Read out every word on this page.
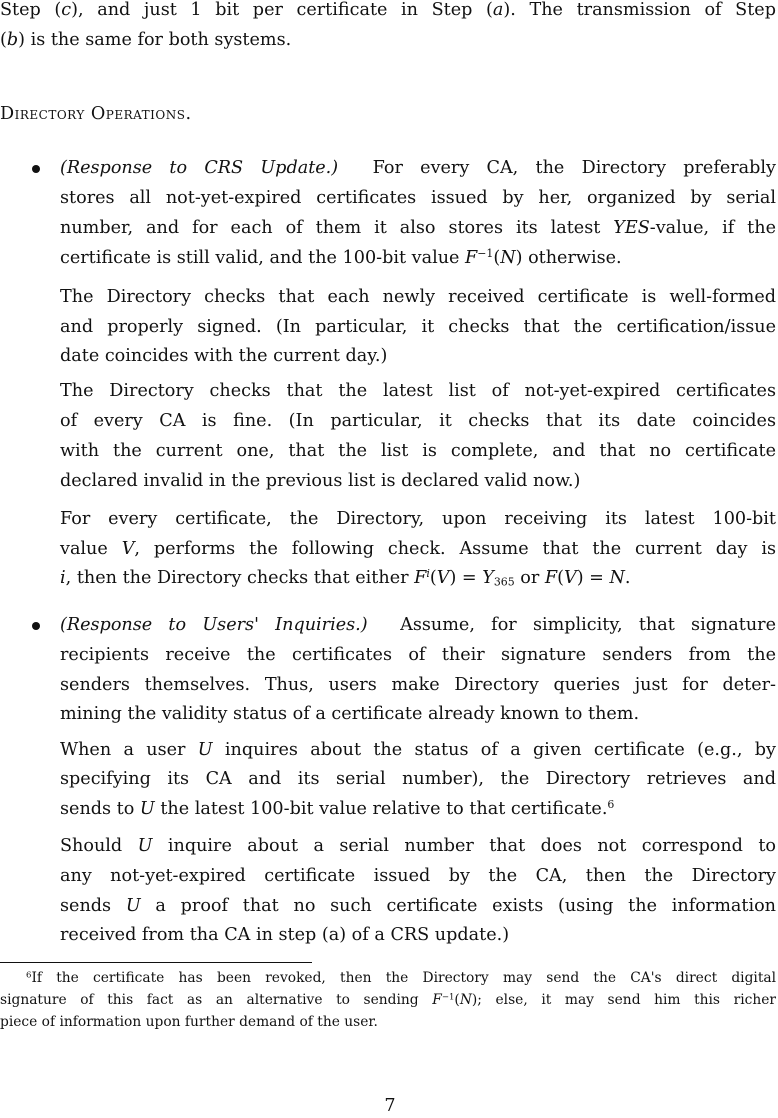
Step (c), and just 1 bit per certificate in Step (a). The transmission of Step
(b) is the same for both systems.
Directory Operations.
(Response to CRS Update.) For every CA, the Directory preferably
stores all not-yet-expired certificates issued by her, organized by serial
number, and for each of them it also stores its latest YES-value, if the
certificate is still valid, and the 100-bit value $F^{-1}(N)$ otherwise.
The Directory checks that each newly received certificate is well-formed
and properly signed. (In particular, it checks that the certification/issue
date coincides with the current day.)
The Directory checks that the latest list of not-yet-expired certificates
of every CA is fine. (In particular, it checks that its date coincides
with the current one, that the list is complete, and that no certificate
declared invalid in the previous list is declared valid now.)
For every certificate, the Directory, upon receiving its latest 100-bit
value V, performs the following check. Assume that the current day is
i, then the Directory checks that either $F^i(V) = Y_{365}$ or F(V) = N.
(Response to Users' Inquiries.) Assume, for simplicity, that signature
recipients receive the certificates of their signature senders from the
senders themselves. Thus, users make Directory queries just for deter-
mining the validity status of a certificate already known to them.
When a user U inquires about the status of a given certificate (e.g., by
specifying its CA and its serial number), the Directory retrieves and
sends to U the latest 100-bit value relative to that certificate.$^6$
Should U inquire about a serial number that does not correspond to
any not-yet-expired certificate issued by the CA, then the Directory
sends U a proof that no such certificate exists (using the information
received from tha CA in step (a) of a CRS update.)
$^6$If the certificate has been revoked, then the Directory may send the CA's direct digital
signature of this fact as an alternative to sending $F^{-1}(N)$; else, it may send him this richer
piece of information upon further demand of the user.
7
